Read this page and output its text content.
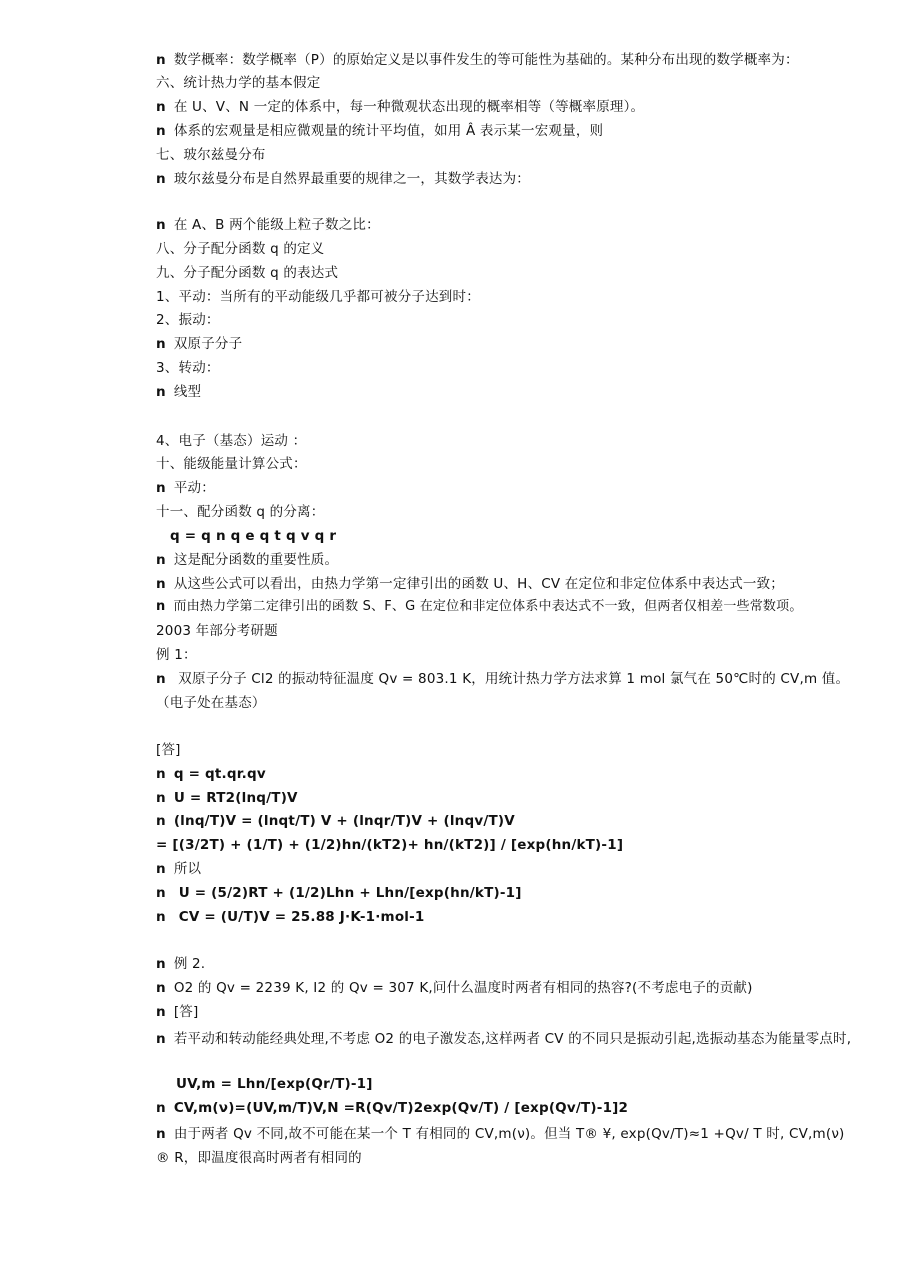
n 数学概率：数学概率（P）的原始定义是以事件发生的等可能性为基础的。某种分布出现的数学概率为：
六、统计热力学的基本假定
n 在 U、V、N 一定的体系中，每一种微观状态出现的概率相等（等概率原理）。
n 体系的宏观量是相应微观量的统计平均值，如用 Â 表示某一宏观量，则
七、玻尔兹曼分布
n 玻尔兹曼分布是自然界最重要的规律之一，其数学表达为：
n 在 A、B 两个能级上粒子数之比：
八、分子配分函数 q 的定义
九、分子配分函数 q 的表达式
1、平动：当所有的平动能级几乎都可被分子达到时：
2、振动：
n 双原子分子
3、转动：
n 线型
4、电子（基态）运动 ：
十、能级能量计算公式：
n 平动：
十一、配分函数 q 的分离：
q = q n q e q t q v q r
n 这是配分函数的重要性质。
n 从这些公式可以看出，由热力学第一定律引出的函数 U、H、CV 在定位和非定位体系中表达式一致；
n 而由热力学第二定律引出的函数 S、F、G 在定位和非定位体系中表达式不一致，但两者仅相差一些常数项。
2003 年部分考研题
例 1：
n 双原子分子 Cl2 的振动特征温度 Qv = 803.1 K，用统计热力学方法求算 1 mol 氯气在 50℃时的 CV,m 值。
（电子处在基态）
[答]
n q = qt.qr.qv
n U = RT2(lnq/T)V
n (lnq/T)V = (lnqt/T) V + (lnqr/T)V + (lnqv/T)V
= [(3/2T) + (1/T) + (1/2)hn/(kT2)+ hn/(kT2)] / [exp(hn/kT)-1]
n 所以
n U = (5/2)RT + (1/2)Lhn + Lhn/[exp(hn/kT)-1]
n CV = (U/T)V = 25.88 J·K-1·mol-1
n 例 2.
n O2 的 Qv = 2239 K, I2 的 Qv = 307 K,问什么温度时两者有相同的热容?(不考虑电子的贡献)
n [答]
n 若平动和转动能经典处理,不考虑 O2 的电子激发态,这样两者 CV 的不同只是振动引起,选振动基态为能量零点时,
UV,m = Lhn/[exp(Qr/T)-1]
n CV,m(ν)=(UV,m/T)V,N =R(Qv/T)2exp(Qv/T) / [exp(Qv/T)-1]2
n 由于两者 Qv 不同,故不可能在某一个 T 有相同的 CV,m(ν)。但当 T® ¥, exp(Qv/T)≈1 +Qv/ T 时, CV,m(ν) ® R，即温度很高时两者有相同的
